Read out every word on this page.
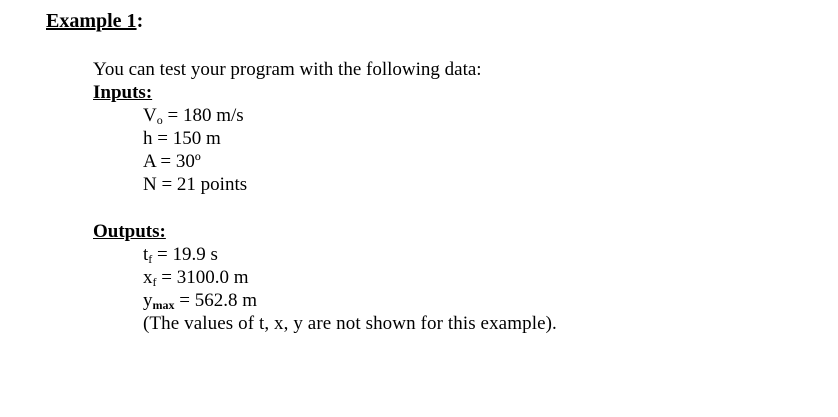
Example 1:
You can test your program with the following data:
Inputs:
$V_o = 180$ m/s
h = 150 m
A = 30º
N = 21 points
Outputs:
$t_f = 19.9$ s
$x_f = 3100.0$ m
$y_{max} = 562.8$ m
(The values of t, x, y are not shown for this example).
